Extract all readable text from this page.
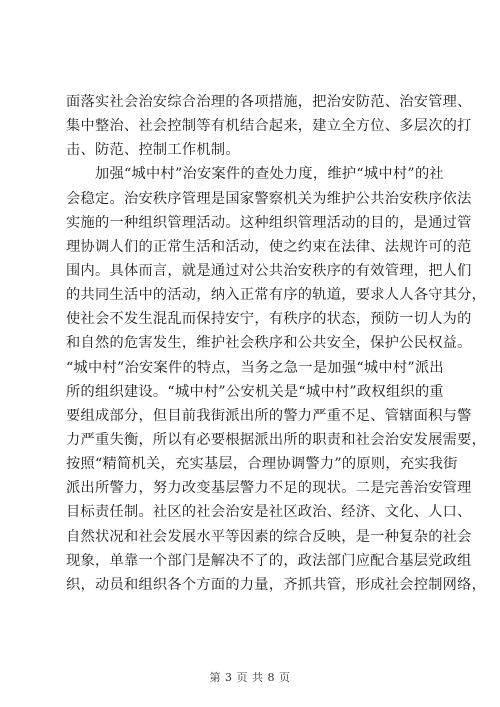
面落实社会治安综合治理的各项措施，把治安防范、治安管理、
集中整治、社会控制等有机结合起来，建立全方位、多层次的打
击、防范、控制工作机制。
　　加强“城中村”治安案件的查处力度，维护“城中村”的社
会稳定。治安秩序管理是国家警察机关为维护公共治安秩序依法
实施的一种组织管理活动。这种组织管理活动的目的，是通过管
理协调人们的正常生活和活动，使之约束在法律、法规许可的范
围内。具体而言，就是通过对公共治安秩序的有效管理，把人们
的共同生活中的活动，纳入正常有序的轨道，要求人人各守其分，
使社会不发生混乱而保持安宁，有秩序的状态，预防一切人为的
和自然的危害发生，维护社会秩序和公共安全，保护公民权益。
“城中村”治安案件的特点，当务之急一是加强“城中村”派出
所的组织建设。“城中村”公安机关是“城中村”政权组织的重
要组成部分，但目前我街派出所的警力严重不足、管辖面积与警
力严重失衡，所以有必要根据派出所的职责和社会治安发展需要，
按照“精简机关，充实基层，合理协调警力”的原则，充实我街
派出所警力，努力改变基层警力不足的现状。二是完善治安管理
目标责任制。社区的社会治安是社区政治、经济、文化、人口、
自然状况和社会发展水平等因素的综合反映，是一种复杂的社会
现象，单靠一个部门是解决不了的，政法部门应配合基层党政组
织，动员和组织各个方面的力量，齐抓共管，形成社会控制网络，
第 3 页 共 8 页
